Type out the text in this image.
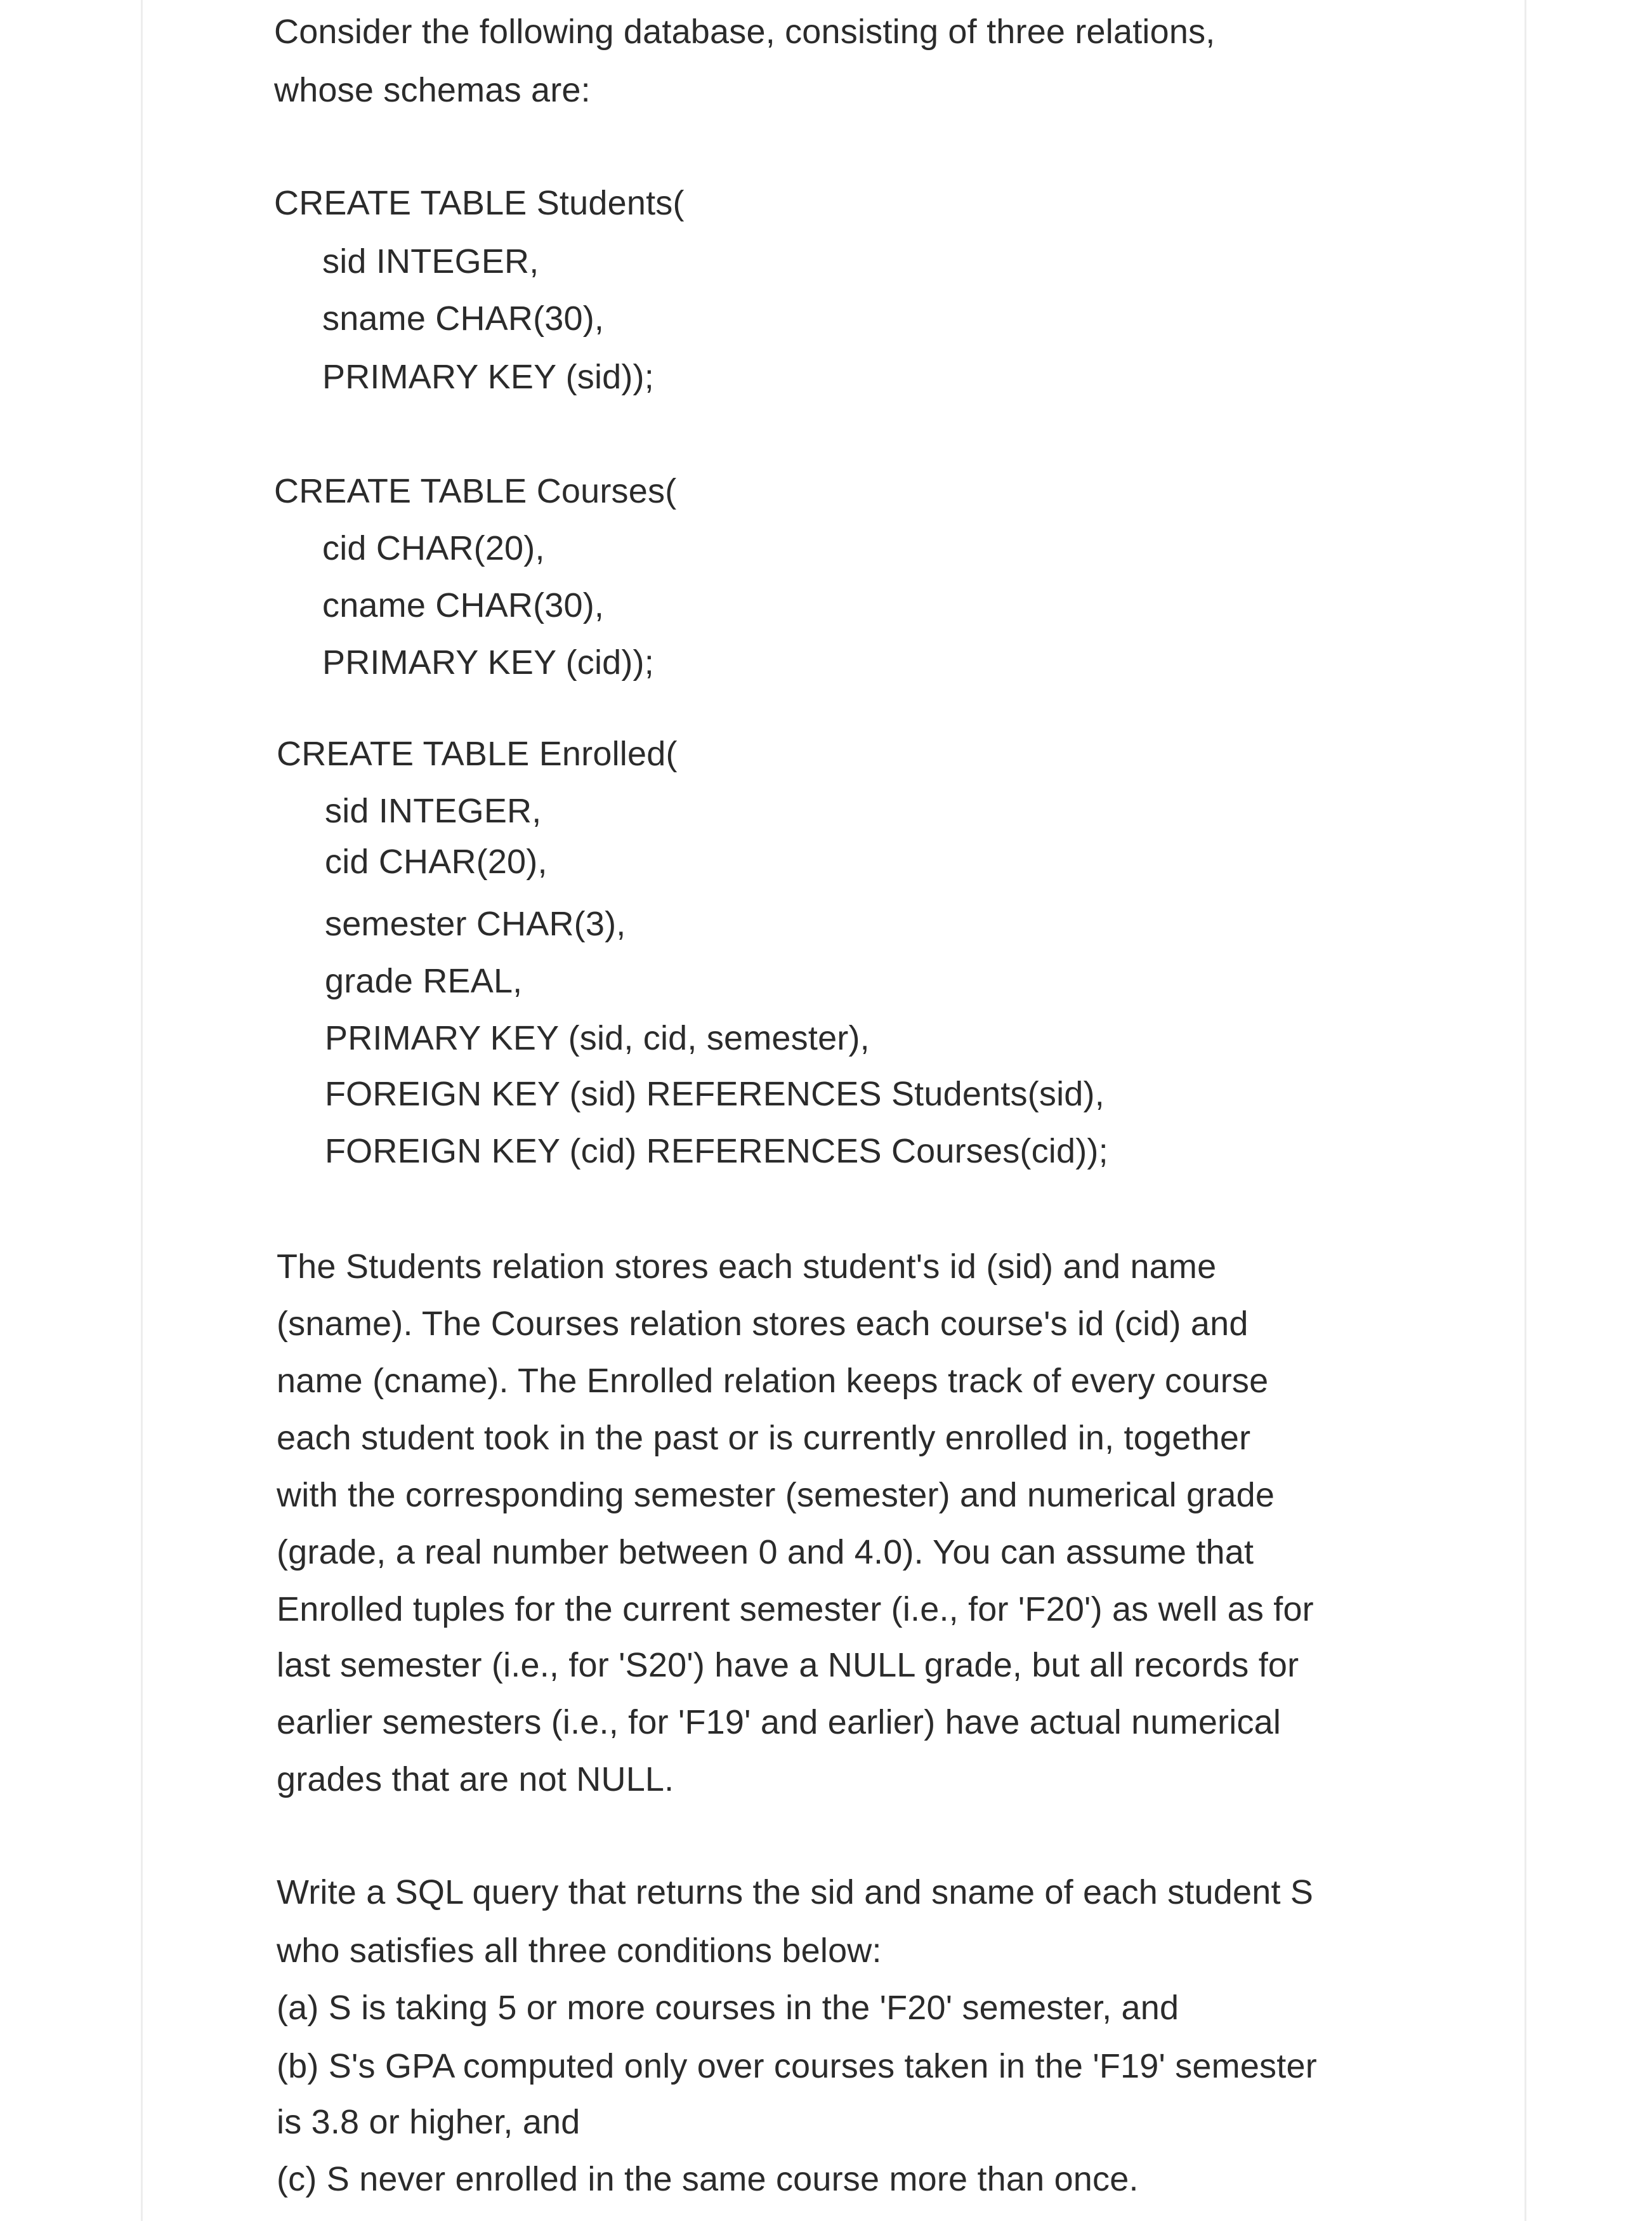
Consider the following database, consisting of three relations,
whose schemas are:
CREATE TABLE Students(
sid INTEGER,
sname CHAR(30),
PRIMARY KEY (sid));
CREATE TABLE Courses(
cid CHAR(20),
cname CHAR(30),
PRIMARY KEY (cid));
CREATE TABLE Enrolled(
sid INTEGER,
cid CHAR(20),
semester CHAR(3),
grade REAL,
PRIMARY KEY (sid, cid, semester),
FOREIGN KEY (sid) REFERENCES Students(sid),
FOREIGN KEY (cid) REFERENCES Courses(cid));
The Students relation stores each student's id (sid) and name
(sname). The Courses relation stores each course's id (cid) and
name (cname). The Enrolled relation keeps track of every course
each student took in the past or is currently enrolled in, together
with the corresponding semester (semester) and numerical grade
(grade, a real number between 0 and 4.0). You can assume that
Enrolled tuples for the current semester (i.e., for 'F20') as well as for
last semester (i.e., for 'S20') have a NULL grade, but all records for
earlier semesters (i.e., for 'F19' and earlier) have actual numerical
grades that are not NULL.
Write a SQL query that returns the sid and sname of each student S
who satisfies all three conditions below:
(a) S is taking 5 or more courses in the 'F20' semester, and
(b) S's GPA computed only over courses taken in the 'F19' semester
is 3.8 or higher, and
(c) S never enrolled in the same course more than once.
